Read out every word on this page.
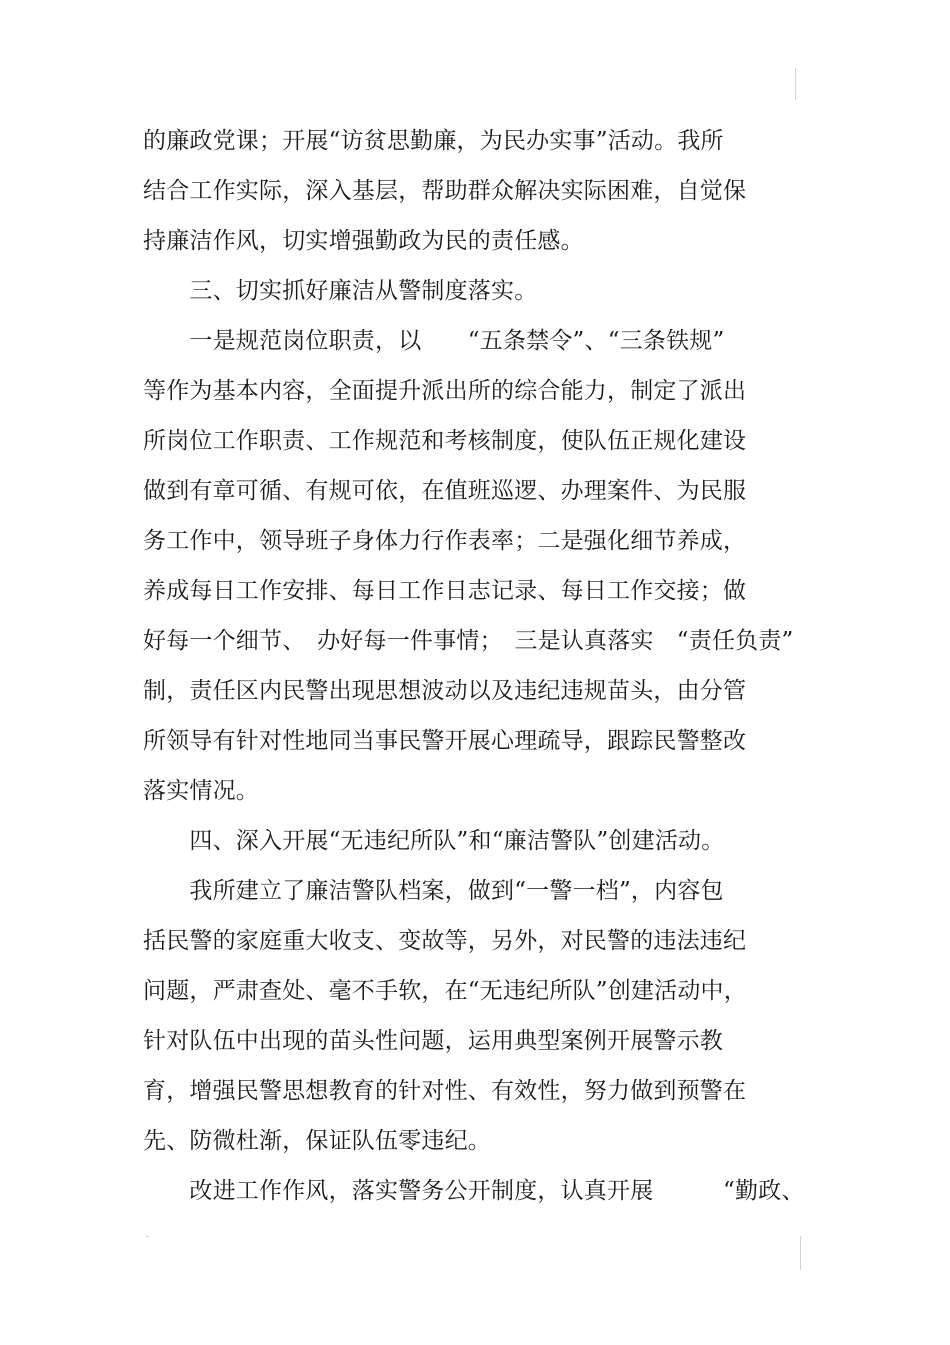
的廉政党课；开展“访贫思勤廉，为民办实事”活动。我所
结合工作实际，深入基层，帮助群众解决实际困难，自觉保
持廉洁作风，切实增强勤政为民的责任感。
　　三、切实抓好廉洁从警制度落实。
　　一是规范岗位职责，以　　“五条禁令”、“三条铁规”
等作为基本内容，全面提升派出所的综合能力，制定了派出
所岗位工作职责、工作规范和考核制度，使队伍正规化建设
做到有章可循、有规可依，在值班巡逻、办理案件、为民服
务工作中，领导班子身体力行作表率；二是强化细节养成，
养成每日工作安排、每日工作日志记录、每日工作交接；做
好每一个细节、　办好每一件事情；　三是认真落实　“责任负责”
制，责任区内民警出现思想波动以及违纪违规苗头，由分管
所领导有针对性地同当事民警开展心理疏导，跟踪民警整改
落实情况。
　　四、深入开展“无违纪所队”和“廉洁警队”创建活动。
　　我所建立了廉洁警队档案，做到“一警一档”，内容包
括民警的家庭重大收支、变故等，另外，对民警的违法违纪
问题，严肃查处、毫不手软，在“无违纪所队”创建活动中，
针对队伍中出现的苗头性问题，运用典型案例开展警示教
育，增强民警思想教育的针对性、有效性，努力做到预警在
先、防微杜渐，保证队伍零违纪。
　　改进工作作风，落实警务公开制度，认真开展　　　“勤政、
